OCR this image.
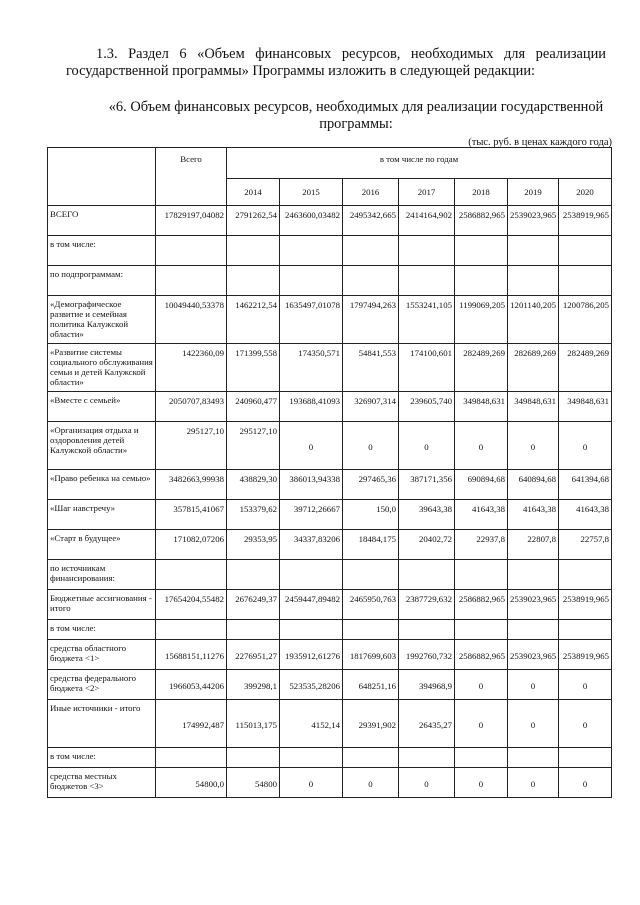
1.3. Раздел 6 «Объем финансовых ресурсов, необходимых для реализации государственной программы» Программы изложить в следующей редакции:
«6. Объем финансовых ресурсов, необходимых для реализации государственной программы:
(тыс. руб. в ценах каждого года)
	Всего	в том числе по годам						
		2014	2015	2016	2017	2018	2019	2020
ВСЕГО	17829197,04082	2791262,54	2463600,03482	2495342,665	2414164,902	2586882,965	2539023,965	2538919,965
в том числе:								
по подпрограммам:								
«Демографическое развитие и семейная политика Калужской области»	10049440,53378	1462212,54	1635497,01078	1797494,263	1553241,105	1199069,205	1201140,205	1200786,205
«Развитие системы социального обслуживания семьи и детей Калужской области»	1422360,09	171399,558	174350,571	54841,553	174100,601	282489,269	282689,269	282489,269
«Вместе с семьей»	2050707,83493	240960,477	193688,41093	326907,314	239605,740	349848,631	349848,631	349848,631
«Организация отдыха и оздоровления детей Калужской области»	295127,10	295127,10	0	0	0	0	0	0
«Право ребенка на семью»	3482663,99938	438829,30	386013,94338	297465,36	387171,356	690894,68	640894,68	641394,68
«Шаг навстречу»	357815,41067	153379,62	39712,26667	150,0	39643,38	41643,38	41643,38	41643,38
«Старт в будущее»	171082,07206	29353,95	34337,83206	18484,175	20402,72	22937,8	22807,8	22757,8
по источникам финансирования:								
Бюджетные ассигнования - итого	17654204,55482	2676249,37	2459447,89482	2465950,763	2387729,632	2586882,965	2539023,965	2538919,965
в том числе:								
средства областного бюджета <1>	15688151,11276	2276951,27	1935912,61276	1817699,603	1992760,732	2586882,965	2539023,965	2538919,965
средства федерального бюджета <2>	1966053,44206	399298,1	523535,28206	648251,16	394968,9	0	0	0
Иные источники - итого	174992,487	115013,175	4152,14	29391,902	26435,27	0	0	0
в том числе:								
средства местных бюджетов <3>	54800,0	54800	0	0	0	0	0	0
